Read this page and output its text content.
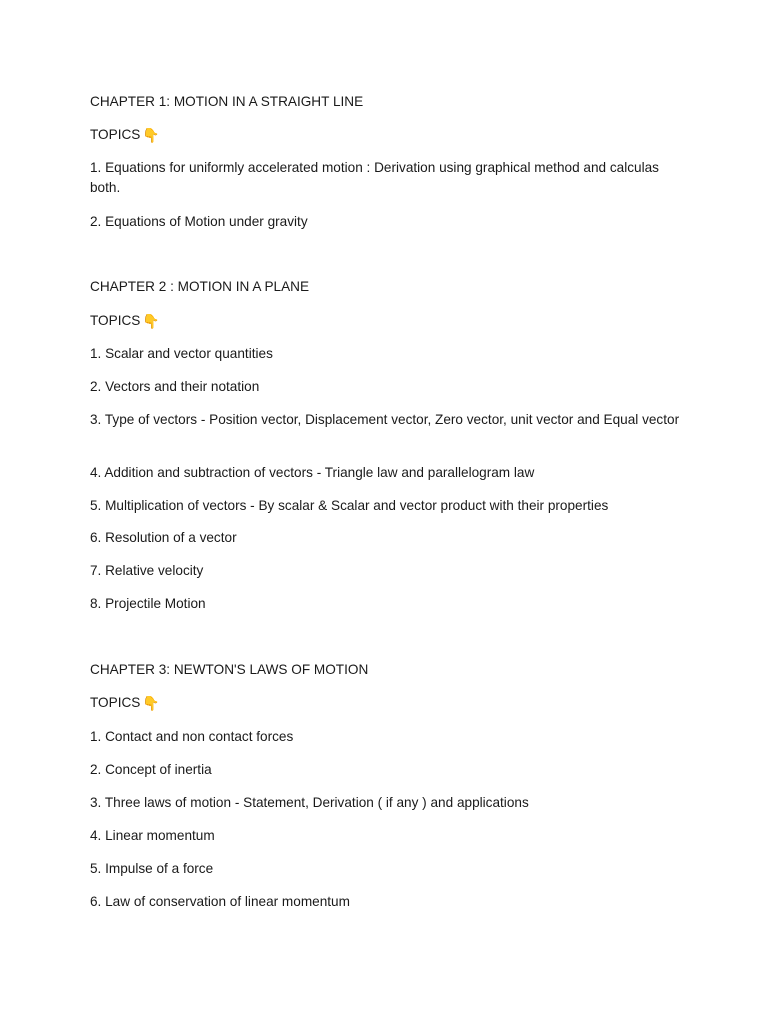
CHAPTER 1: MOTION IN A STRAIGHT LINE

TOPICS 👇

1. Equations for uniformly accelerated motion : Derivation using graphical method and calculas both.

2. Equations of Motion under gravity

CHAPTER 2 : MOTION IN A PLANE

TOPICS 👇

1. Scalar and vector quantities

2. Vectors and their notation

3. Type of vectors - Position vector, Displacement vector, Zero vector, unit vector and Equal vector

4. Addition and subtraction of vectors - Triangle law and parallelogram law

5. Multiplication of vectors - By scalar & Scalar and vector product with their properties

6. Resolution of a vector

7. Relative velocity

8. Projectile Motion

CHAPTER 3: NEWTON'S LAWS OF MOTION

TOPICS 👇

1. Contact and non contact forces

2. Concept of inertia

3. Three laws of motion - Statement, Derivation ( if any ) and applications

4. Linear momentum

5. Impulse of a force

6. Law of conservation of linear momentum
